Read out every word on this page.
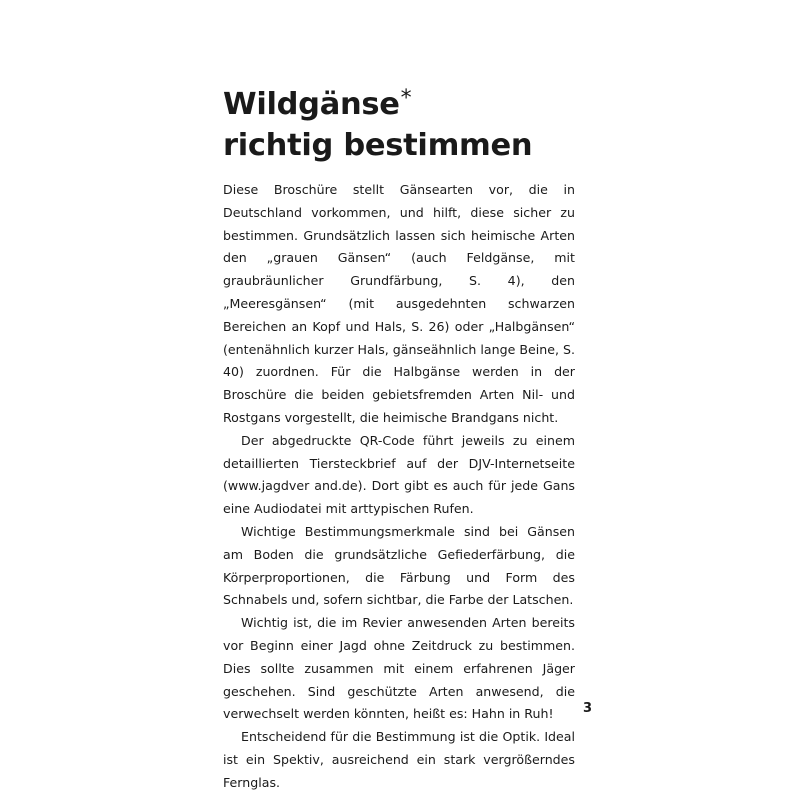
Wildgänse*
richtig bestimmen

Diese Broschüre stellt Gänsearten vor, die in Deutschland vorkommen, und hilft, diese sicher zu bestimmen. Grundsätzlich lassen sich heimische Arten den „grauen Gänsen“ (auch Feldgänse, mit graubräunlicher Grundfärbung, S. 4), den „Meeresgänsen“ (mit ausgedehnten schwarzen Bereichen an Kopf und Hals, S. 26) oder „Halbgänsen“ (entenähnlich kurzer Hals, gänseähnlich lange Beine, S. 40) zuordnen. Für die Halbgänse werden in der Broschüre die beiden gebietsfremden Arten Nil- und Rostgans vorgestellt, die heimische Brandgans nicht.

Der abgedruckte QR-Code führt jeweils zu einem detaillierten Tiersteckbrief auf der DJV-Internetseite (www.jagdver and.de). Dort gibt es auch für jede Gans eine Audiodatei mit arttypischen Rufen.

Wichtige Bestimmungsmerkmale sind bei Gänsen am Boden die grundsätzliche Gefiederfärbung, die Körperproportionen, die Färbung und Form des Schnabels und, sofern sichtbar, die Farbe der Latschen.

Wichtig ist, die im Revier anwesenden Arten bereits vor Beginn einer Jagd ohne Zeitdruck zu bestimmen. Dies sollte zusammen mit einem erfahrenen Jäger geschehen. Sind geschützte Arten anwesend, die verwechselt werden könnten, heißt es: Hahn in Ruh!

Entscheidend für die Bestimmung ist die Optik. Ideal ist ein Spektiv, ausreichend ein stark vergrößerndes Fernglas.

3
